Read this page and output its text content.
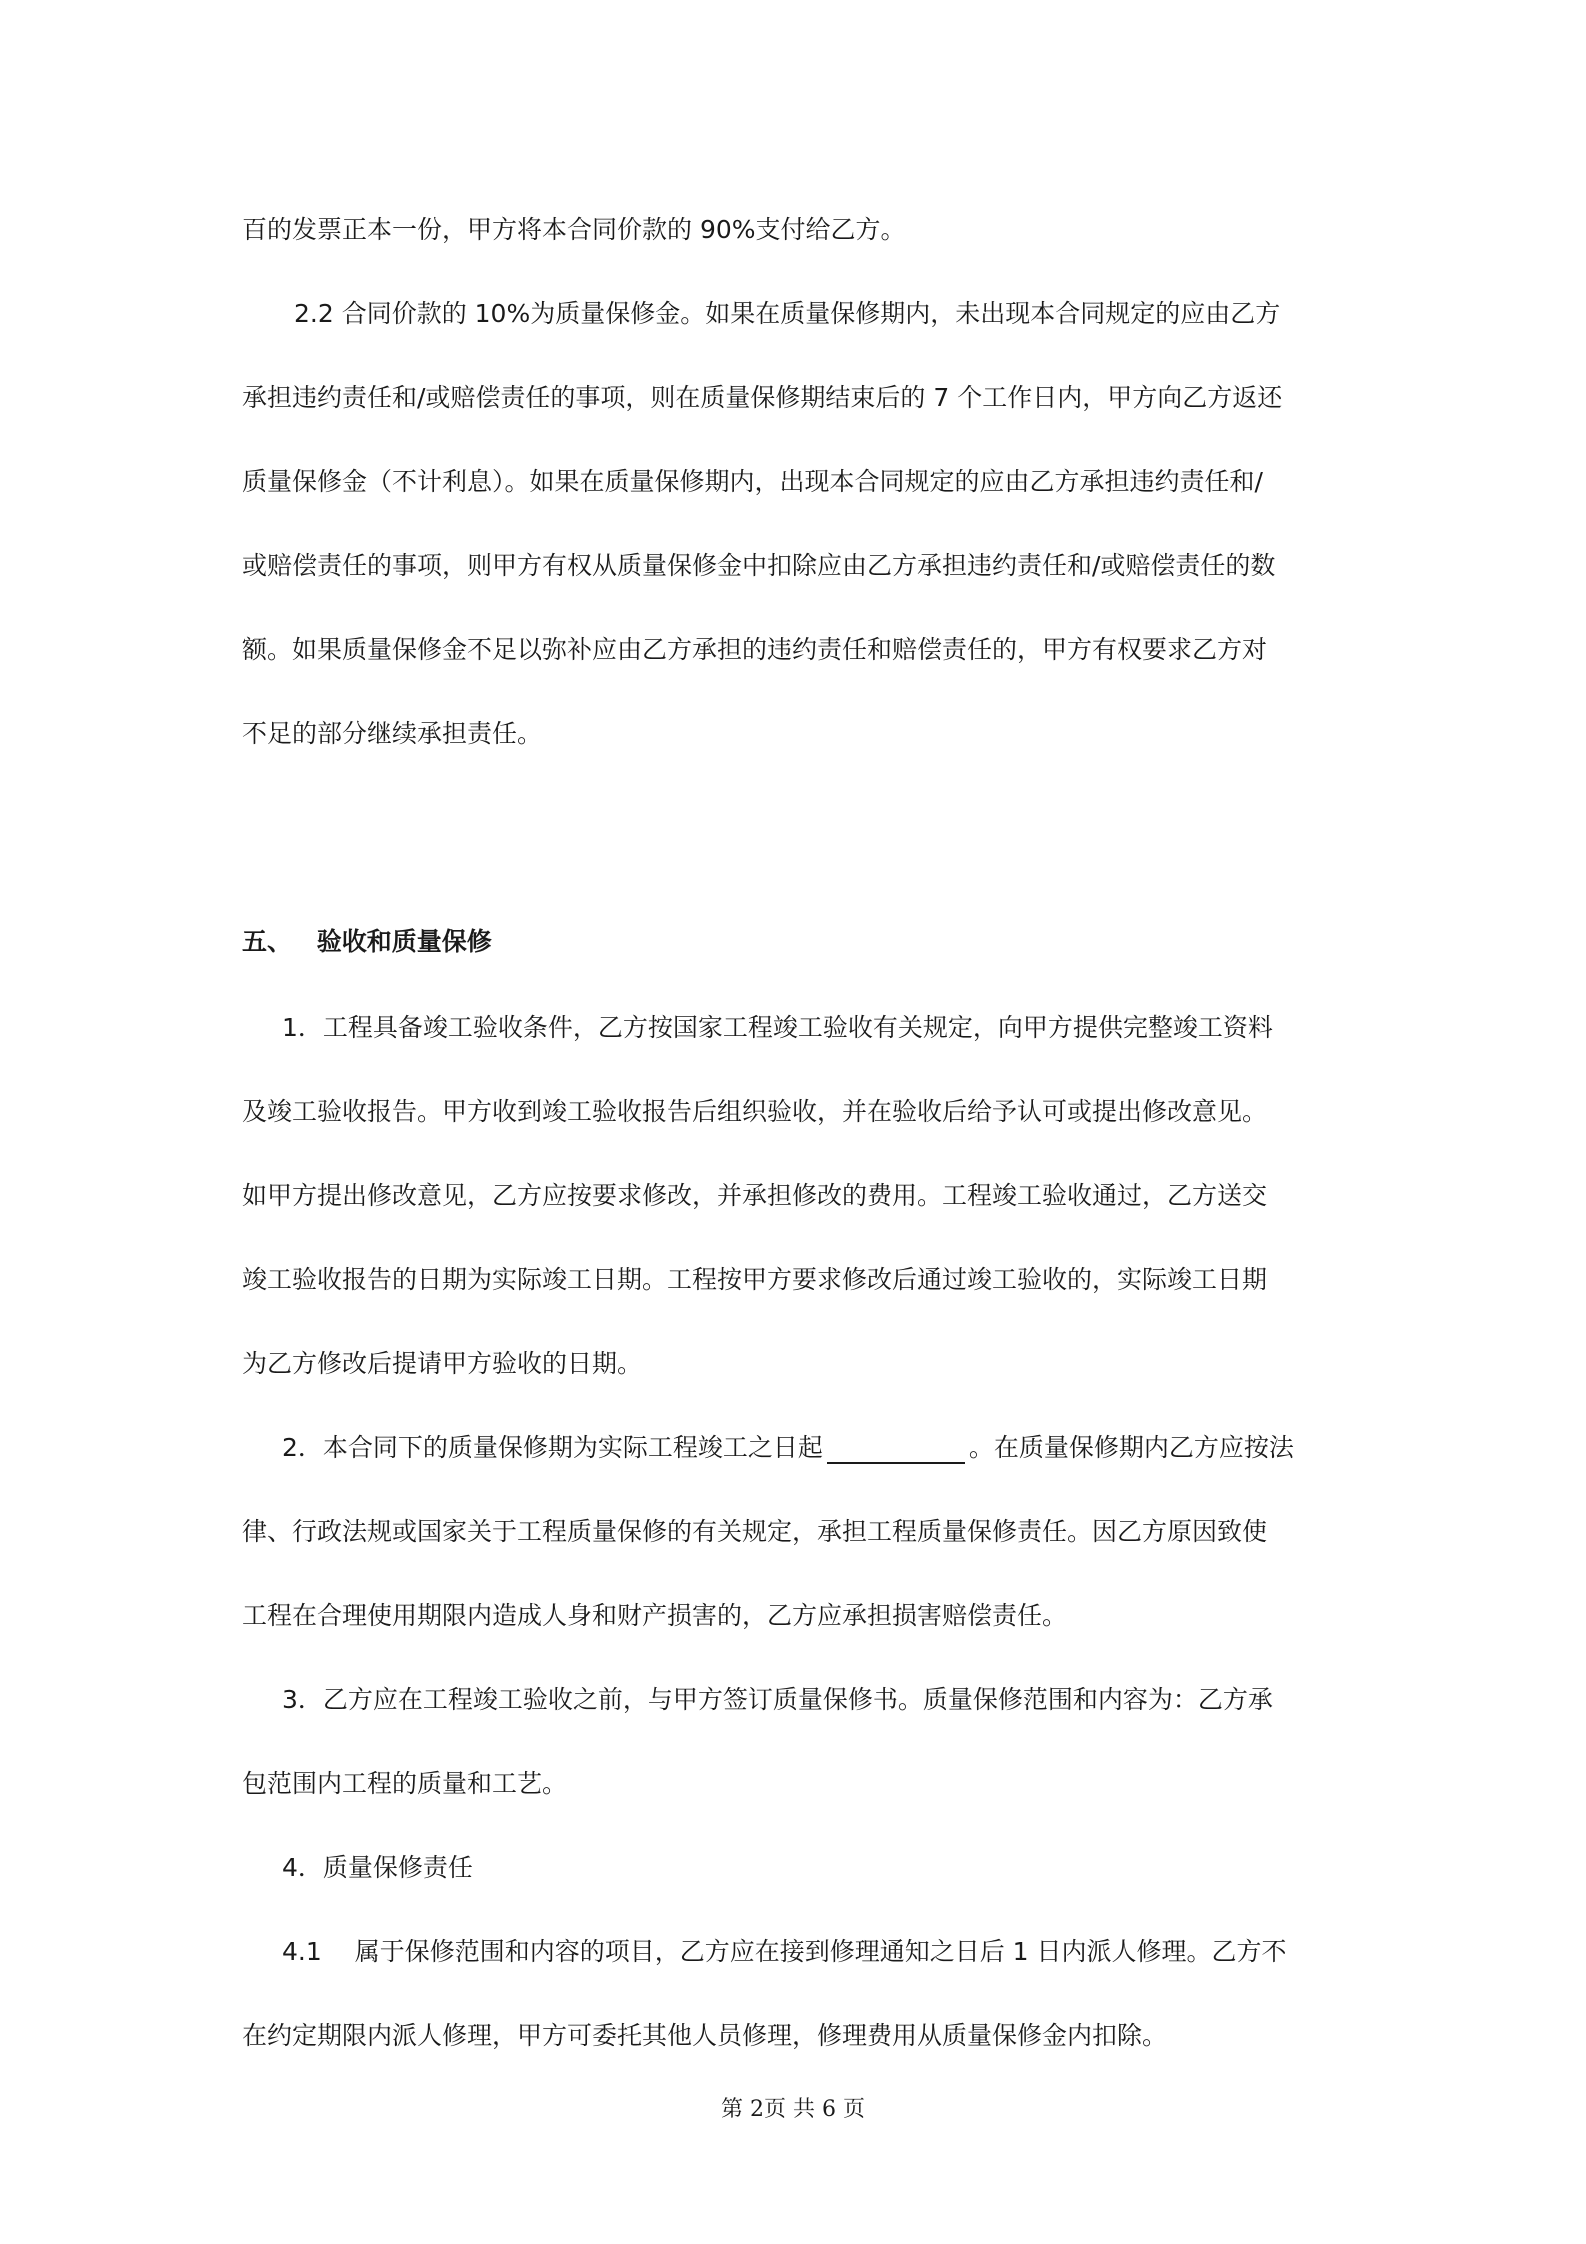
百的发票正本一份，甲方将本合同价款的 90%支付给乙方。
2.2 合同价款的 10%为质量保修金。如果在质量保修期内，未出现本合同规定的应由乙方
承担违约责任和/或赔偿责任的事项，则在质量保修期结束后的 7 个工作日内，甲方向乙方返还
质量保修金（不计利息）。如果在质量保修期内，出现本合同规定的应由乙方承担违约责任和/
或赔偿责任的事项，则甲方有权从质量保修金中扣除应由乙方承担违约责任和/或赔偿责任的数
额。如果质量保修金不足以弥补应由乙方承担的违约责任和赔偿责任的，甲方有权要求乙方对
不足的部分继续承担责任。
五、 验收和质量保修
1．工程具备竣工验收条件，乙方按国家工程竣工验收有关规定，向甲方提供完整竣工资料
及竣工验收报告。甲方收到竣工验收报告后组织验收，并在验收后给予认可或提出修改意见。
如甲方提出修改意见，乙方应按要求修改，并承担修改的费用。工程竣工验收通过，乙方送交
竣工验收报告的日期为实际竣工日期。工程按甲方要求修改后通过竣工验收的，实际竣工日期
为乙方修改后提请甲方验收的日期。
2．本合同下的质量保修期为实际工程竣工之日起	。在质量保修期内乙方应按法
律、行政法规或国家关于工程质量保修的有关规定，承担工程质量保修责任。因乙方原因致使
工程在合理使用期限内造成人身和财产损害的，乙方应承担损害赔偿责任。
3．乙方应在工程竣工验收之前，与甲方签订质量保修书。质量保修范围和内容为：乙方承
包范围内工程的质量和工艺。
4．质量保修责任
4.1　 属于保修范围和内容的项目，乙方应在接到修理通知之日后 1 日内派人修理。乙方不
在约定期限内派人修理，甲方可委托其他人员修理，修理费用从质量保修金内扣除。
第 2页 共 6 页
